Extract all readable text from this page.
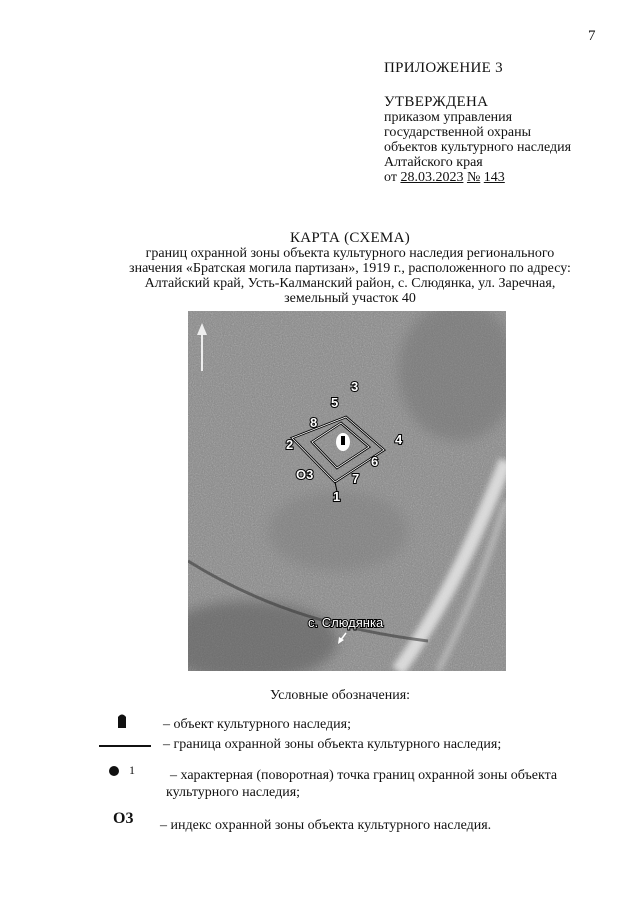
7
ПРИЛОЖЕНИЕ 3
УТВЕРЖДЕНА
приказом управления
государственной охраны
объектов культурного наследия
Алтайского края
от 28.03.2023 № 143
КАРТА (СХЕМА)
границ охранной зоны объекта культурного наследия регионального
значения «Братская могила партизан», 1919 г., расположенного по адресу:
Алтайский край, Усть-Калманский район, с. Слюдянка, ул. Заречная,
земельный участок 40
1
2
3
4
5
6
7
8
О3
с. Слюдянка
Условные обозначения:
– объект культурного наследия;
– граница охранной зоны объекта культурного наследия;
1	– характерная (поворотная) точка границ охранной зоны объекта
культурного наследия;
О3 – индекс охранной зоны объекта культурного наследия.
